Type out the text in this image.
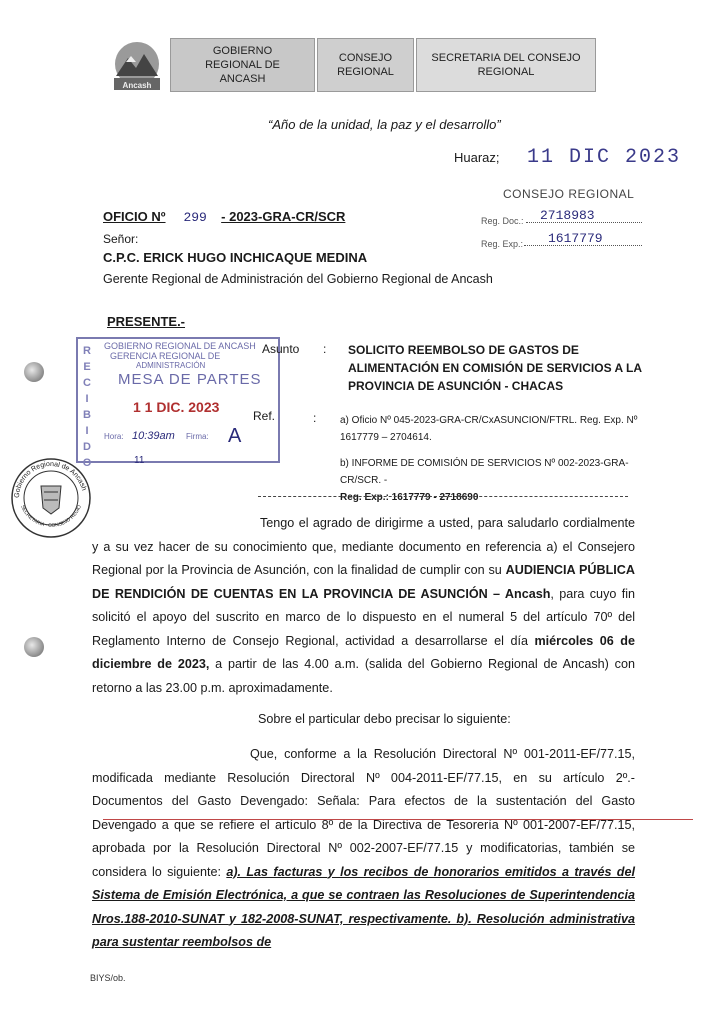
Ancash
GOBIERNO REGIONAL DE ANCASH
CONSEJO REGIONAL
SECRETARIA DEL CONSEJO REGIONAL
“Año de la unidad, la paz y el desarrollo”
Huaraz; 11 DIC 2023
CONSEJO REGIONAL
Reg. Doc.:	2718983
Reg. Exp.:	1617779
OFICIO Nº 299 - 2023-GRA-CR/SCR
Señor:
C.P.C. ERICK HUGO INCHICAQUE MEDINA
Gerente Regional de Administración del Gobierno Regional de Ancash
PRESENTE.-
RECIBIDO
GOBIERNO REGIONAL DE ANCASH
GERENCIA REGIONAL DE
ADMINISTRACIÓN
MESA DE PARTES
1 1 DIC. 2023
Hora: 10:39am Firma: A
11
Asunto : SOLICITO REEMBOLSO DE GASTOS DE ALIMENTACIÓN EN COMISIÓN DE SERVICIOS A LA PROVINCIA DE ASUNCIÓN - CHACAS
Ref.	: a) Oficio Nº 045-2023-GRA-CR/CxASUNCION/FTRL. Reg. Exp. Nº 1617779 – 2704614.
b) INFORME DE COMISIÓN DE SERVICIOS Nº 002-2023-GRA-CR/SCR. -
Reg. Exp.: 1617779 - 2718690
Gobierno Regional de Ancash
SECRETARIA · CONSEJO REGIO
Tengo el agrado de dirigirme a usted, para saludarlo cordialmente y a su vez hacer de su conocimiento que, mediante documento en referencia a) el Consejero Regional por la Provincia de Asunción, con la finalidad de cumplir con su AUDIENCIA PÚBLICA DE RENDICIÓN DE CUENTAS EN LA PROVINCIA DE ASUNCIÓN – Ancash, para cuyo fin solicitó el apoyo del suscrito en marco de lo dispuesto en el numeral 5 del artículo 70º del Reglamento Interno de Consejo Regional, actividad a desarrollarse el día miércoles 06 de diciembre de 2023, a partir de las 4.00 a.m. (salida del Gobierno Regional de Ancash) con retorno a las 23.00 p.m. aproximadamente.
Sobre el particular debo precisar lo siguiente:
Que, conforme a la Resolución Directoral Nº 001-2011-EF/77.15, modificada mediante Resolución Directoral Nº 004-2011-EF/77.15, en su artículo 2º.- Documentos del Gasto Devengado: Señala: Para efectos de la sustentación del Gasto Devengado a que se refiere el artículo 8º de la Directiva de Tesorería Nº 001-2007-EF/77.15, aprobada por la Resolución Directoral Nº 002-2007-EF/77.15 y modificatorias, también se considera lo siguiente: a). Las facturas y los recibos de honorarios emitidos a través del Sistema de Emisión Electrónica, a que se contraen las Resoluciones de Superintendencia Nros.188-2010-SUNAT y 182-2008-SUNAT, respectivamente. b). Resolución administrativa para sustentar reembolsos de
BIYS/ob.
